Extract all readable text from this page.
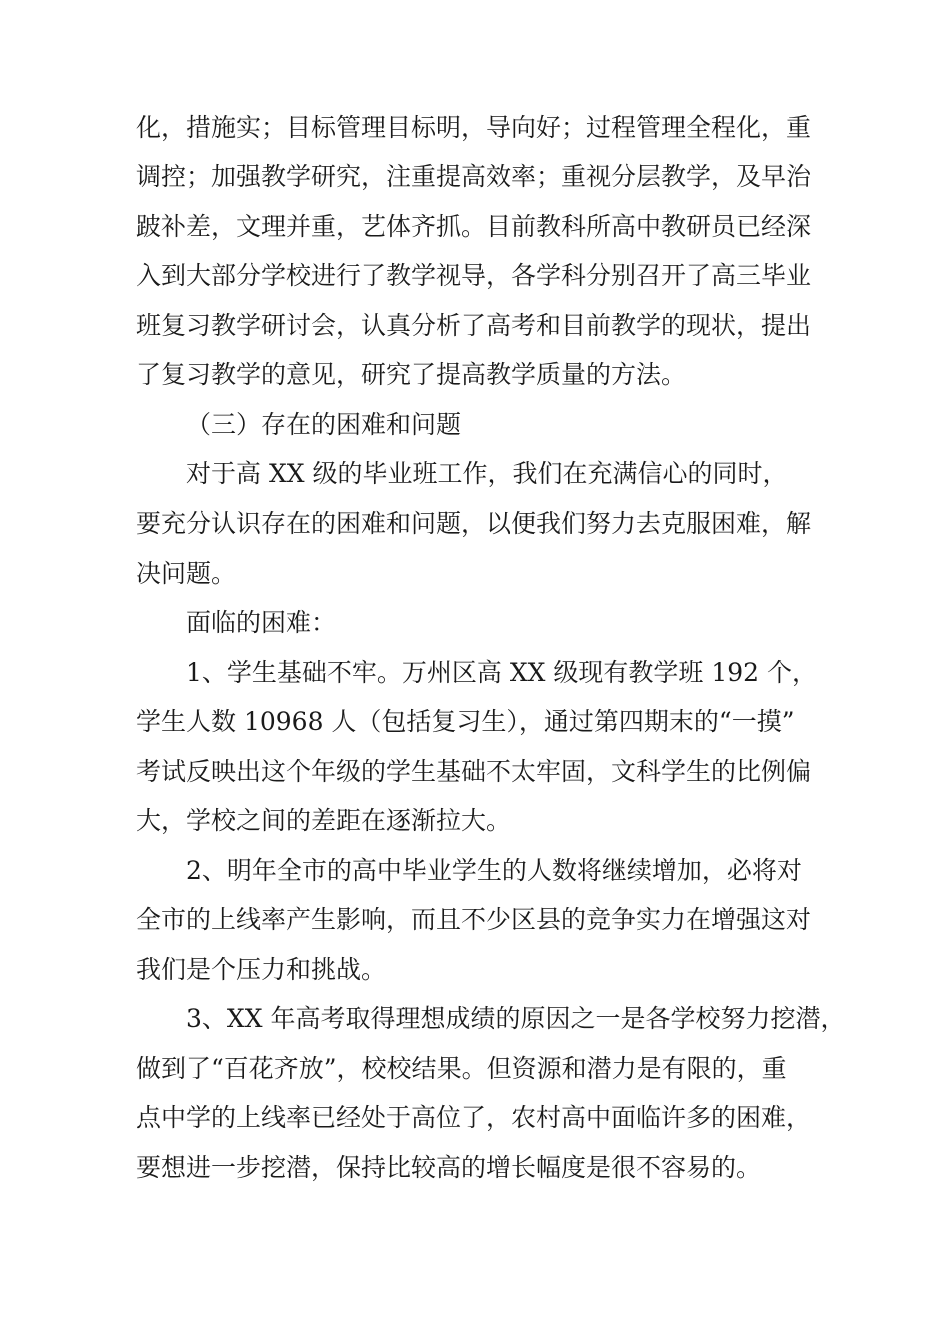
化，措施实；目标管理目标明，导向好；过程管理全程化，重
调控；加强教学研究，注重提高效率；重视分层教学，及早治
跛补差，文理并重，艺体齐抓。目前教科所高中教研员已经深
入到大部分学校进行了教学视导，各学科分别召开了高三毕业
班复习教学研讨会，认真分析了高考和目前教学的现状，提出
了复习教学的意见，研究了提高教学质量的方法。
（三）存在的困难和问题
对于高 XX 级的毕业班工作，我们在充满信心的同时，
要充分认识存在的困难和问题，以便我们努力去克服困难，解
决问题。
面临的困难：
1、学生基础不牢。万州区高 XX 级现有教学班 192 个，
学生人数 10968 人（包括复习生），通过第四期末的“一摸”
考试反映出这个年级的学生基础不太牢固，文科学生的比例偏
大，学校之间的差距在逐渐拉大。
2、明年全市的高中毕业学生的人数将继续增加，必将对
全市的上线率产生影响，而且不少区县的竞争实力在增强这对
我们是个压力和挑战。
3、XX 年高考取得理想成绩的原因之一是各学校努力挖潜，
做到了“百花齐放”，校校结果。但资源和潜力是有限的，重
点中学的上线率已经处于高位了，农村高中面临许多的困难，
要想进一步挖潜，保持比较高的增长幅度是很不容易的。
